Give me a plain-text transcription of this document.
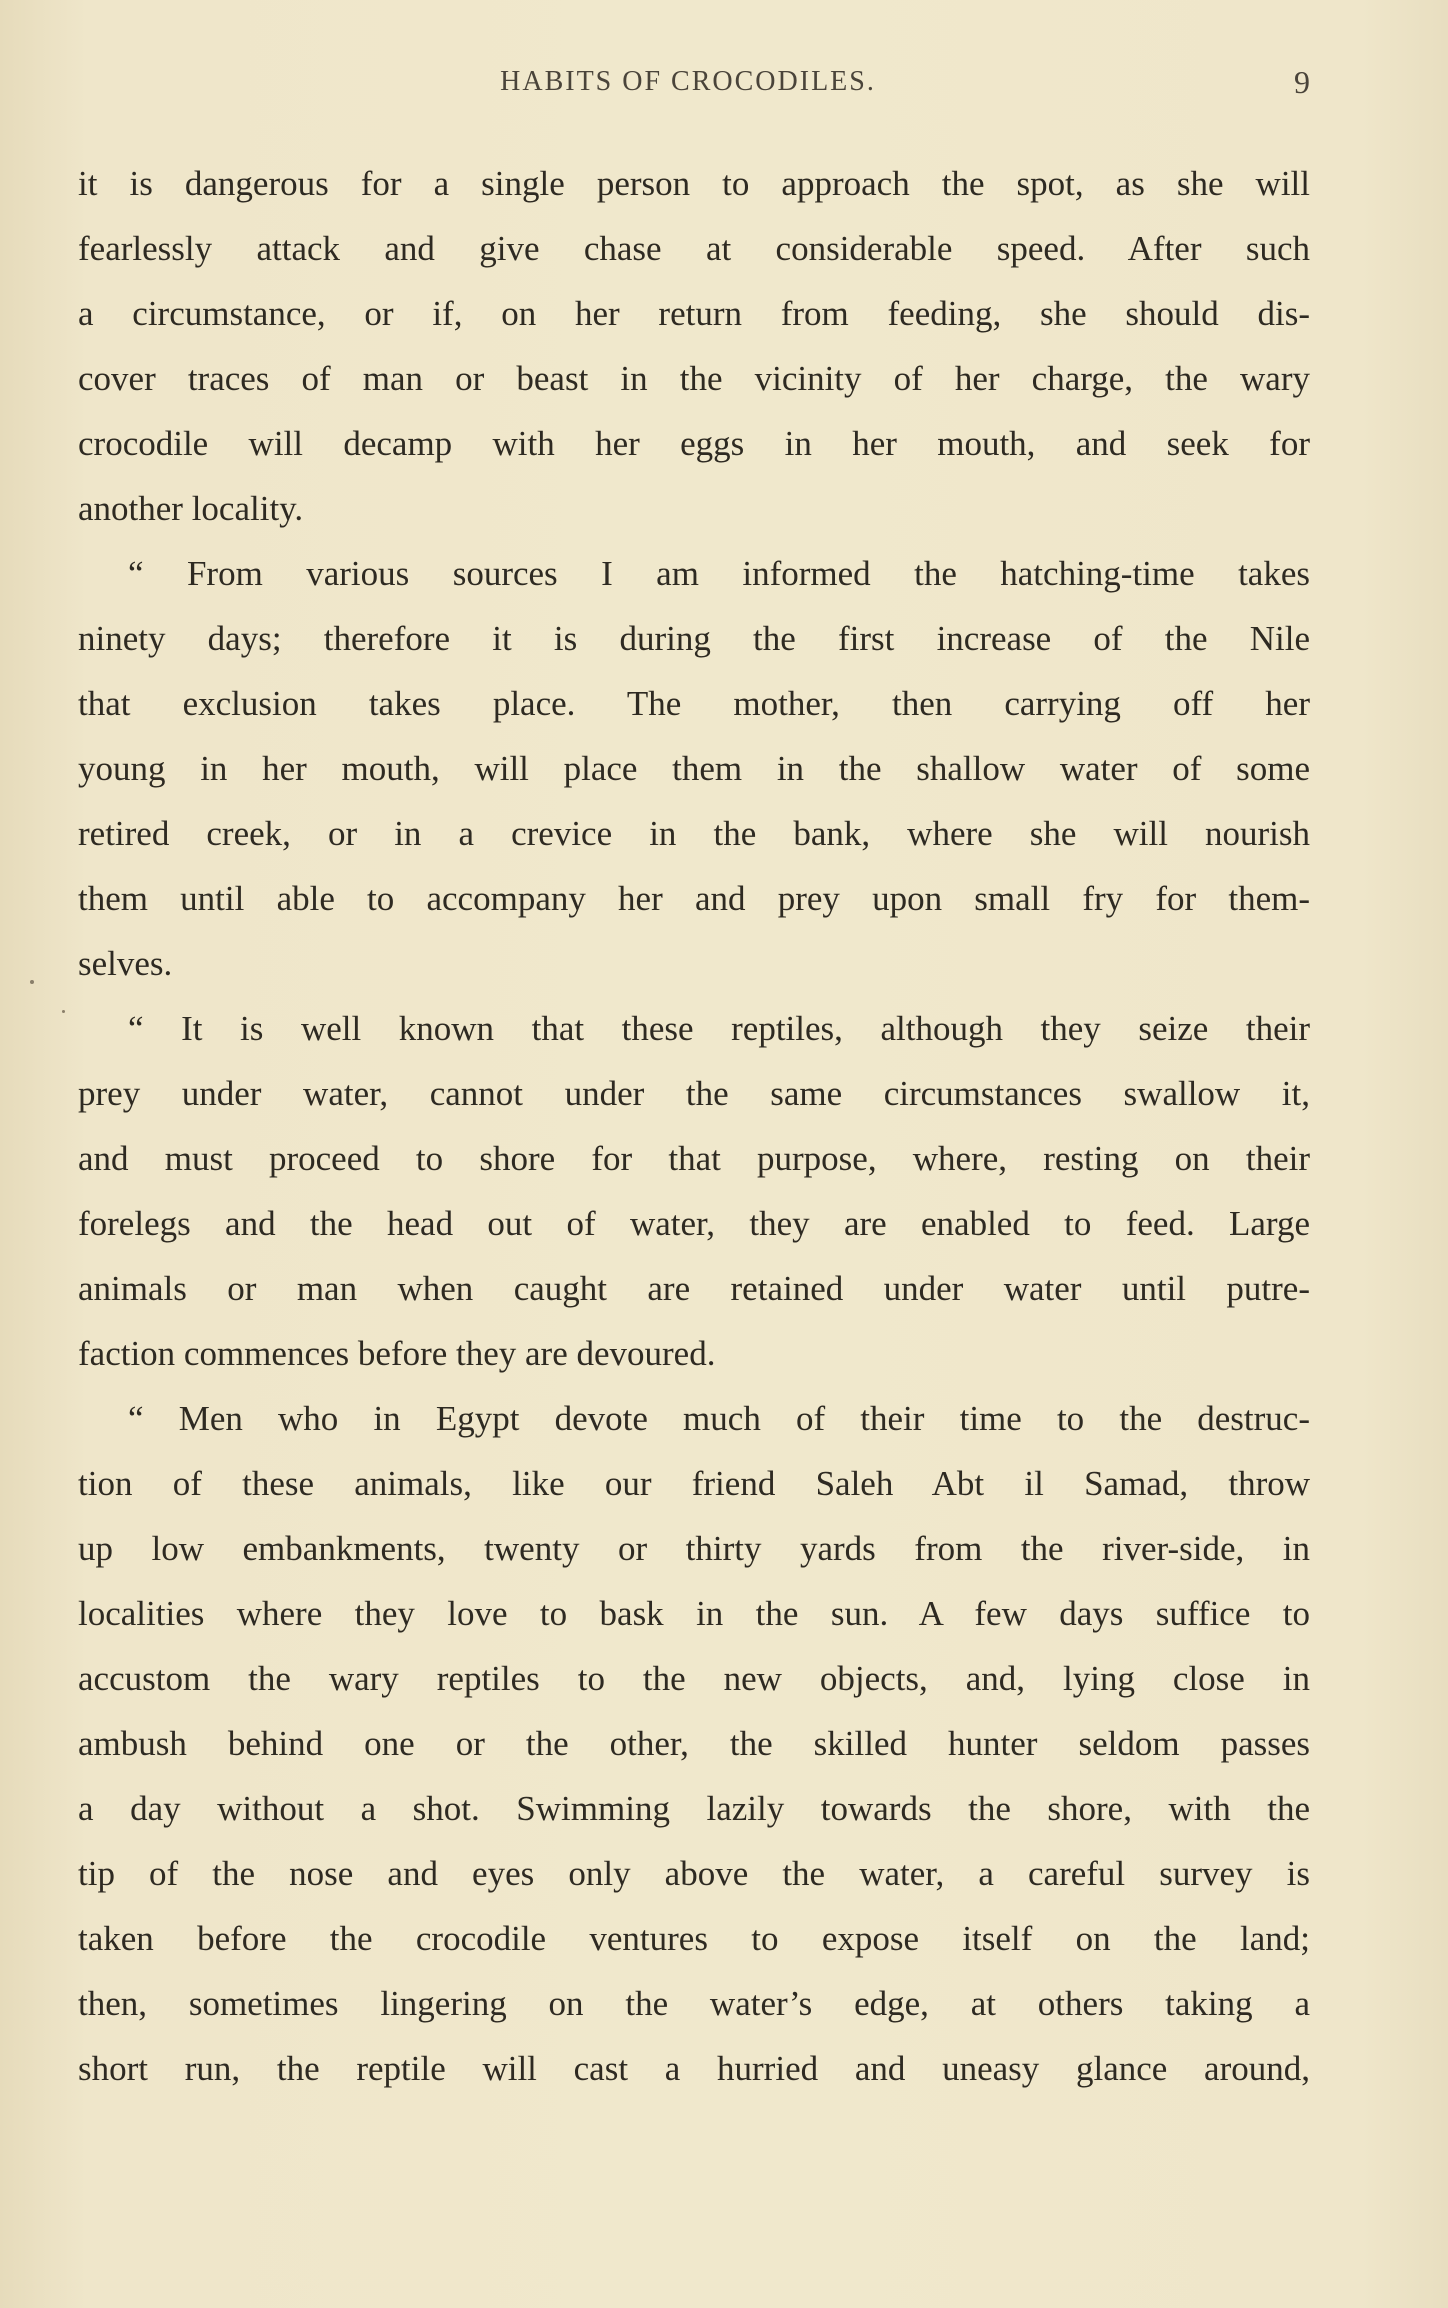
HABITS OF CROCODILES.	9
it is dangerous for a single person to approach the spot, as she will
fearlessly attack and give chase at considerable speed. After such
a circumstance, or if, on her return from feeding, she should dis-
cover traces of man or beast in the vicinity of her charge, the wary
crocodile will decamp with her eggs in her mouth, and seek for
another locality.
“ From various sources I am informed the hatching-time takes
ninety days; therefore it is during the first increase of the Nile
that exclusion takes place. The mother, then carrying off her
young in her mouth, will place them in the shallow water of some
retired creek, or in a crevice in the bank, where she will nourish
them until able to accompany her and prey upon small fry for them-
selves.
“ It is well known that these reptiles, although they seize their
prey under water, cannot under the same circumstances swallow it,
and must proceed to shore for that purpose, where, resting on their
forelegs and the head out of water, they are enabled to feed. Large
animals or man when caught are retained under water until putre-
faction commences before they are devoured.
“ Men who in Egypt devote much of their time to the destruc-
tion of these animals, like our friend Saleh Abt il Samad, throw
up low embankments, twenty or thirty yards from the river-side, in
localities where they love to bask in the sun. A few days suffice to
accustom the wary reptiles to the new objects, and, lying close in
ambush behind one or the other, the skilled hunter seldom passes
a day without a shot. Swimming lazily towards the shore, with the
tip of the nose and eyes only above the water, a careful survey is
taken before the crocodile ventures to expose itself on the land;
then, sometimes lingering on the water’s edge, at others taking a
short run, the reptile will cast a hurried and uneasy glance around,
